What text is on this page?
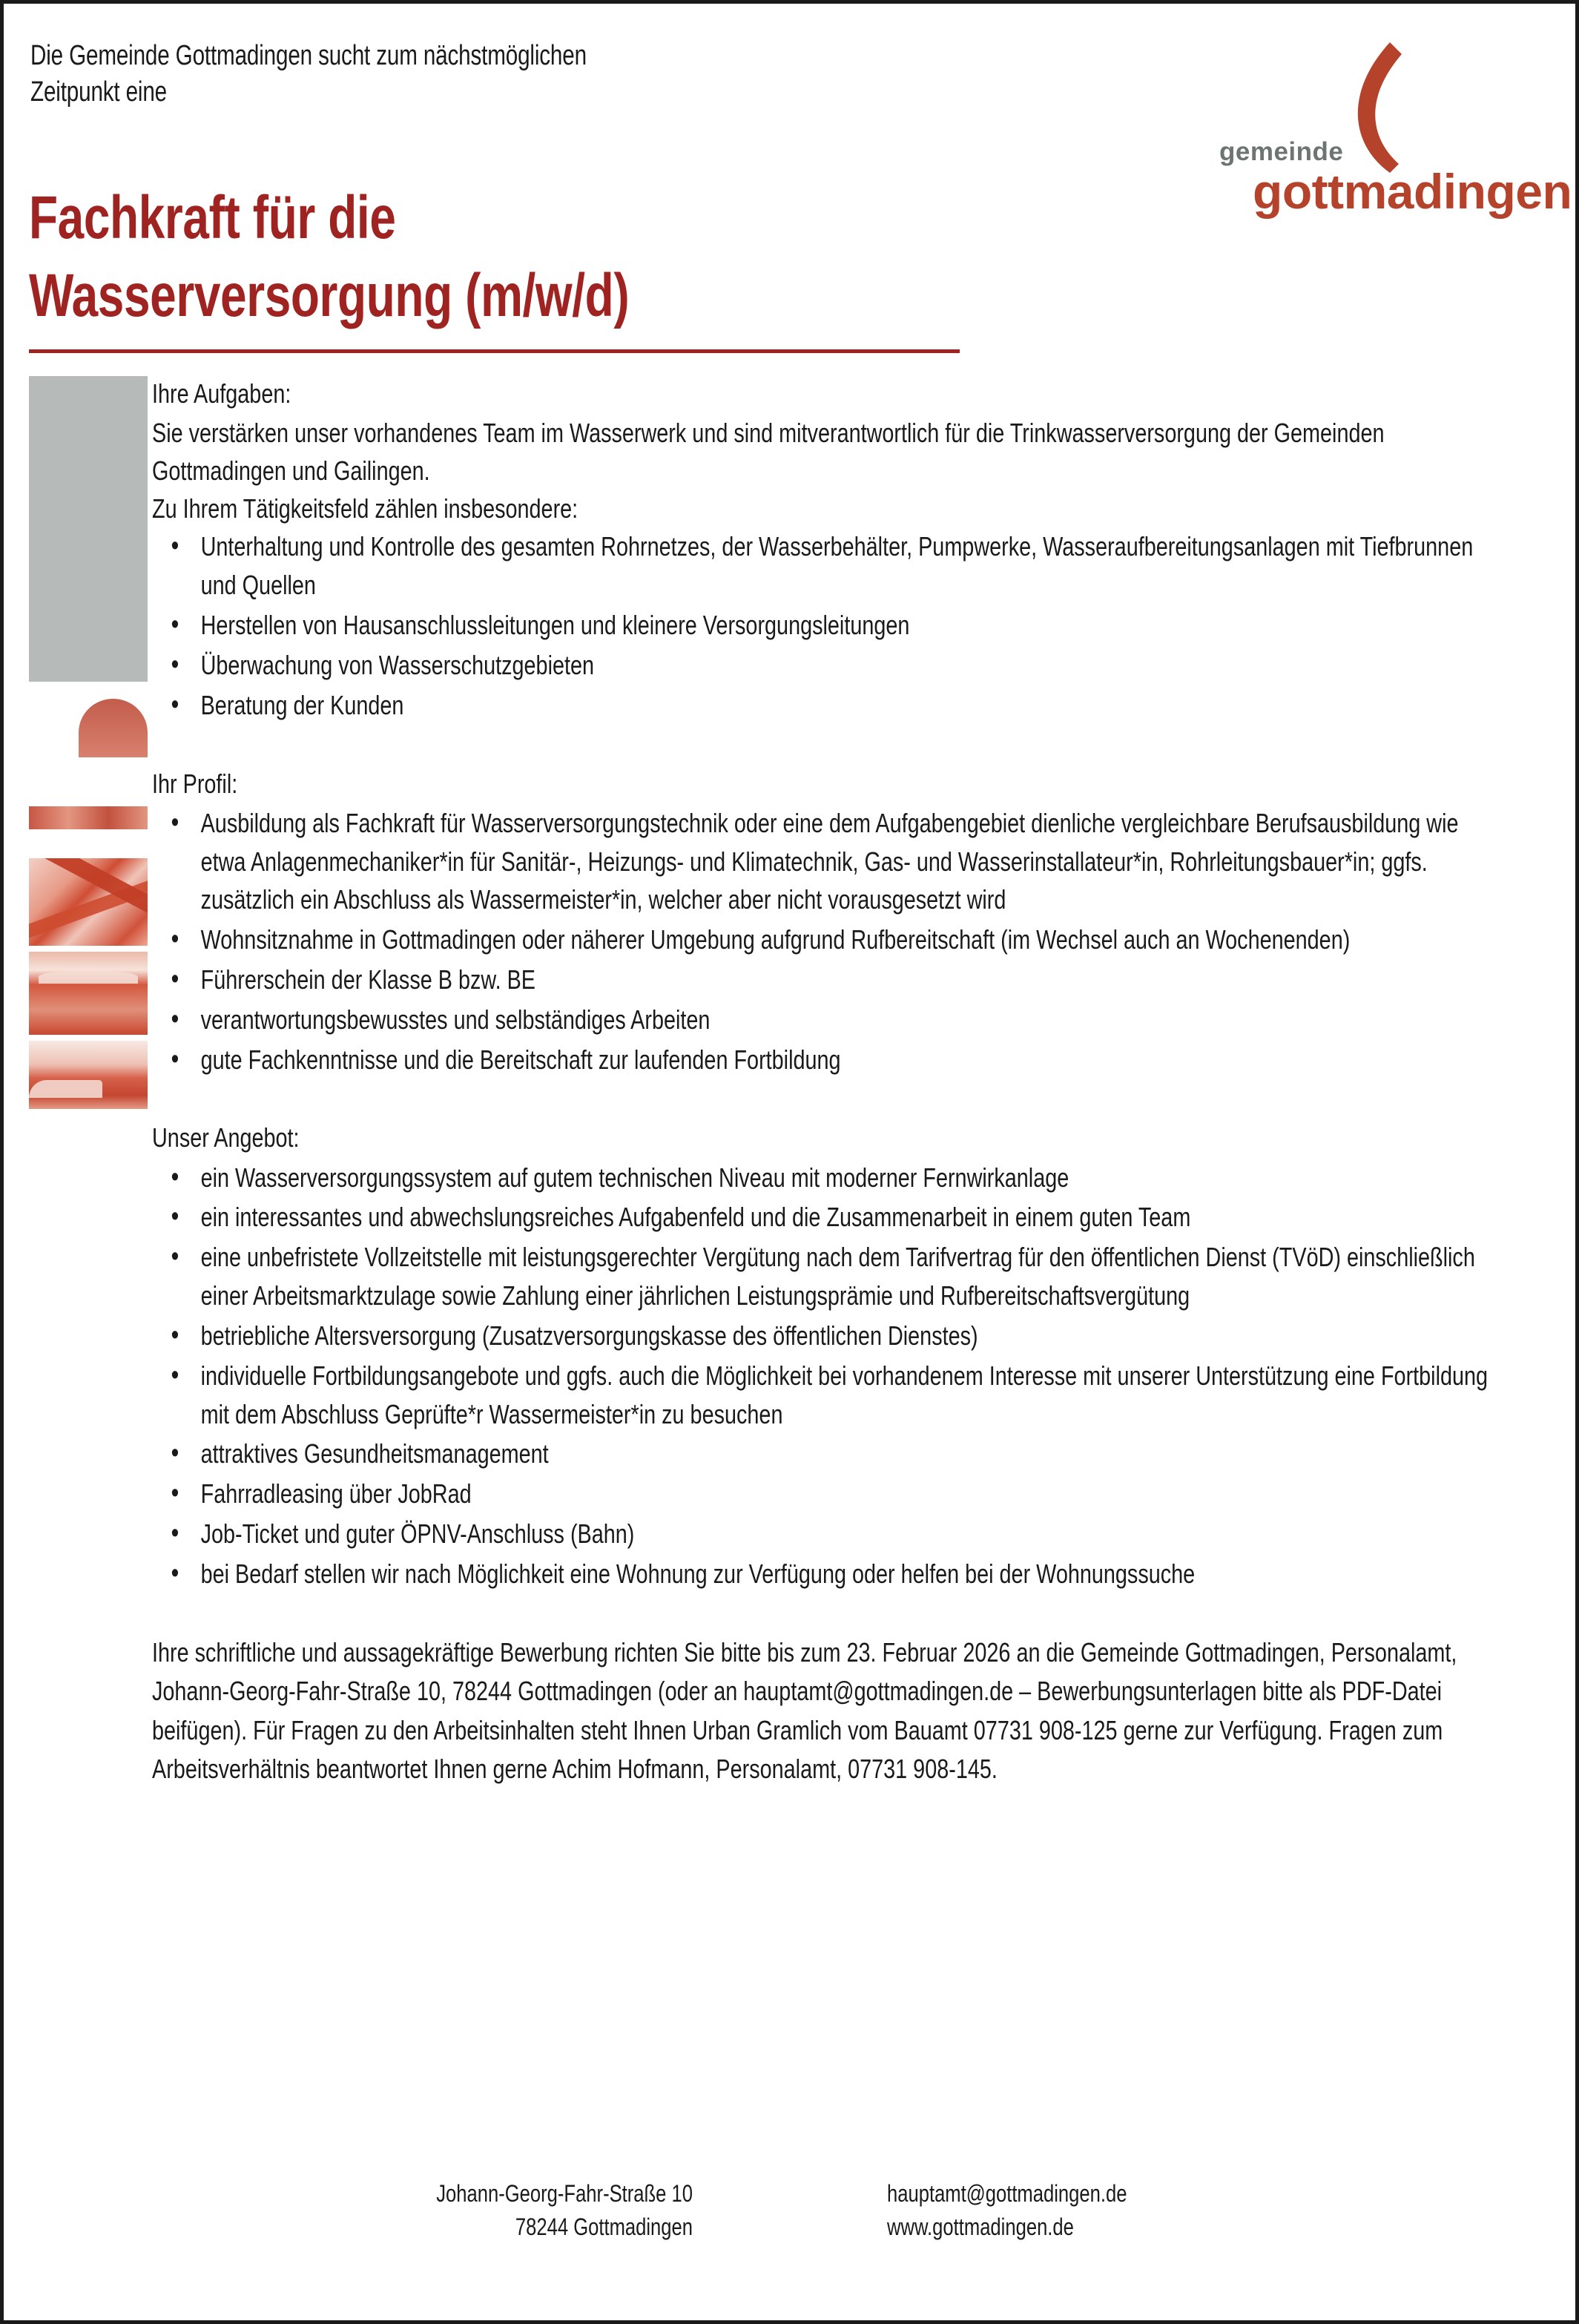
Die Gemeinde Gottmadingen sucht zum nächstmöglichen
Zeitpunkt eine
Fachkraft für die
Wasserversorgung (m/w/d)
gemeinde
gottmadingen

Ihre Aufgaben:

Sie verstärken unser vorhandenes Team im Wasserwerk und sind mitverantwortlich für die Trinkwasserversorgung der Gemeinden Gottmadingen und Gailingen.

Zu Ihrem Tätigkeitsfeld zählen insbesondere:

• Unterhaltung und Kontrolle des gesamten Rohrnetzes, der Wasserbehälter, Pumpwerke, Wasseraufbereitungsanlagen mit Tiefbrunnen und Quellen
• Herstellen von Hausanschlussleitungen und kleinere Versorgungsleitungen
• Überwachung von Wasserschutzgebieten
• Beratung der Kunden

Ihr Profil:

• Ausbildung als Fachkraft für Wasserversorgungstechnik oder eine dem Aufgabengebiet dienliche vergleichbare Berufsausbildung wie etwa Anlagenmechaniker*in für Sanitär-, Heizungs- und Klimatechnik, Gas- und Wasserinstallateur*in, Rohrleitungsbauer*in; ggfs. zusätzlich ein Abschluss als Wassermeister*in, welcher aber nicht vorausgesetzt wird
• Wohnsitznahme in Gottmadingen oder näherer Umgebung aufgrund Rufbereitschaft (im Wechsel auch an Wochenenden)
• Führerschein der Klasse B bzw. BE
• verantwortungsbewusstes und selbständiges Arbeiten
• gute Fachkenntnisse und die Bereitschaft zur laufenden Fortbildung

Unser Angebot:

• ein Wasserversorgungssystem auf gutem technischen Niveau mit moderner Fernwirkanlage
• ein interessantes und abwechslungsreiches Aufgabenfeld und die Zusammenarbeit in einem guten Team
• eine unbefristete Vollzeitstelle mit leistungsgerechter Vergütung nach dem Tarifvertrag für den öffentlichen Dienst (TVöD) einschließlich einer Arbeitsmarktzulage sowie Zahlung einer jährlichen Leistungsprämie und Rufbereitschaftsvergütung
• betriebliche Altersversorgung (Zusatzversorgungskasse des öffentlichen Dienstes)
• individuelle Fortbildungsangebote und ggfs. auch die Möglichkeit bei vorhandenem Interesse mit unserer Unterstützung eine Fortbildung mit dem Abschluss Geprüfte*r Wassermeister*in zu besuchen
• attraktives Gesundheitsmanagement
• Fahrradleasing über JobRad
• Job-Ticket und guter ÖPNV-Anschluss (Bahn)
• bei Bedarf stellen wir nach Möglichkeit eine Wohnung zur Verfügung oder helfen bei der Wohnungssuche

Ihre schriftliche und aussagekräftige Bewerbung richten Sie bitte bis zum 23. Februar 2026 an die Gemeinde Gottmadingen, Personalamt, Johann-Georg-Fahr-Straße 10, 78244 Gottmadingen (oder an hauptamt@gottmadingen.de – Bewerbungsunterlagen bitte als PDF-Datei beifügen). Für Fragen zu den Arbeitsinhalten steht Ihnen Urban Gramlich vom Bauamt 07731 908-125 gerne zur Verfügung. Fragen zum Arbeitsverhältnis beantwortet Ihnen gerne Achim Hofmann, Personalamt, 07731 908-145.

Johann-Georg-Fahr-Straße 10
78244 Gottmadingen
hauptamt@gottmadingen.de
www.gottmadingen.de
